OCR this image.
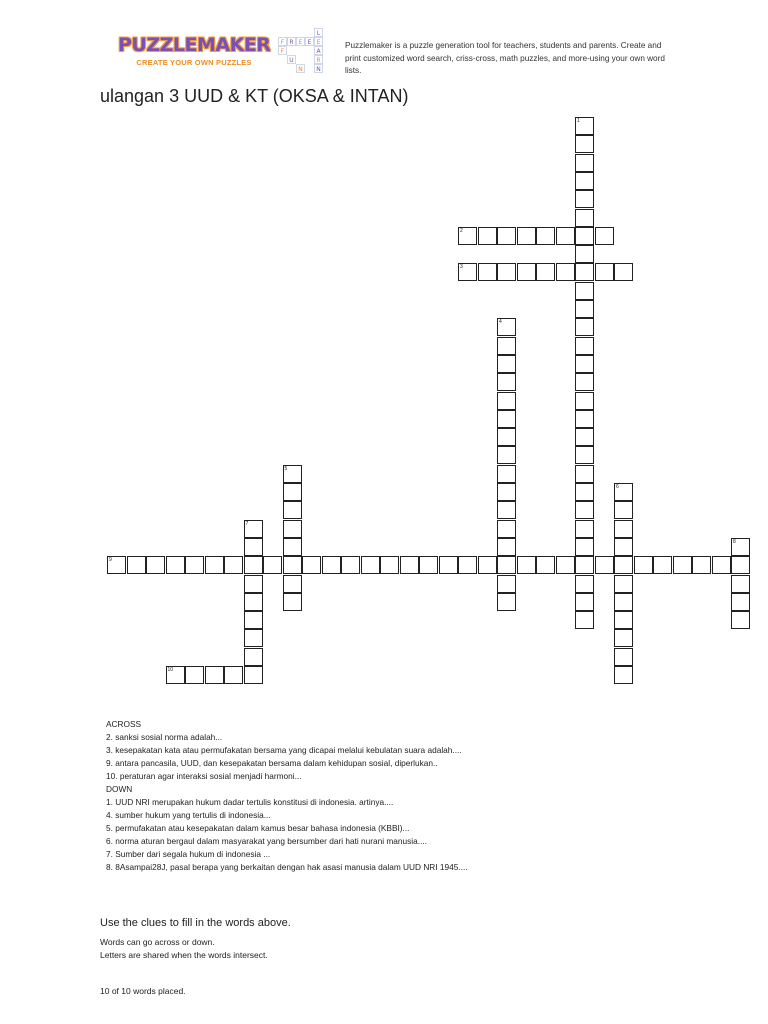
PUZZLEMAKER
CREATE YOUR OWN PUZZLES
F R E E
F
U
N
L
E
A
R
N
Puzzlemaker is a puzzle generation tool for teachers, students and parents. Create and print customized word search, criss-cross, math puzzles, and more-using your own word lists.
ulangan 3 UUD & KT (OKSA & INTAN)
1
2
3
4
5
6
7
8
9
10
ACROSS
2. sanksi sosial norma adalah...
3. kesepakatan kata atau permufakatan bersama yang dicapai melalui kebulatan suara adalah....
9. antara pancasila, UUD, dan kesepakatan bersama dalam kehidupan sosial, diperlukan..
10. peraturan agar interaksi sosial menjadi harmoni...
DOWN
1. UUD NRI merupakan hukum dadar tertulis konstitusi di indonesia. artinya....
4. sumber hukum yang tertulis di indonesia...
5. permufakatan atau kesepakatan dalam kamus besar bahasa indonesia (KBBI)...
6. norma aturan bergaul dalam masyarakat yang bersumber dari hati nurani manusia....
7. Sumber dari segala hukum di indonesia ...
8. 8Asampai28J, pasal berapa yang berkaitan dengan hak asasi manusia dalam UUD NRI 1945....
Use the clues to fill in the words above.
Words can go across or down.
Letters are shared when the words intersect.
10 of 10 words placed.
